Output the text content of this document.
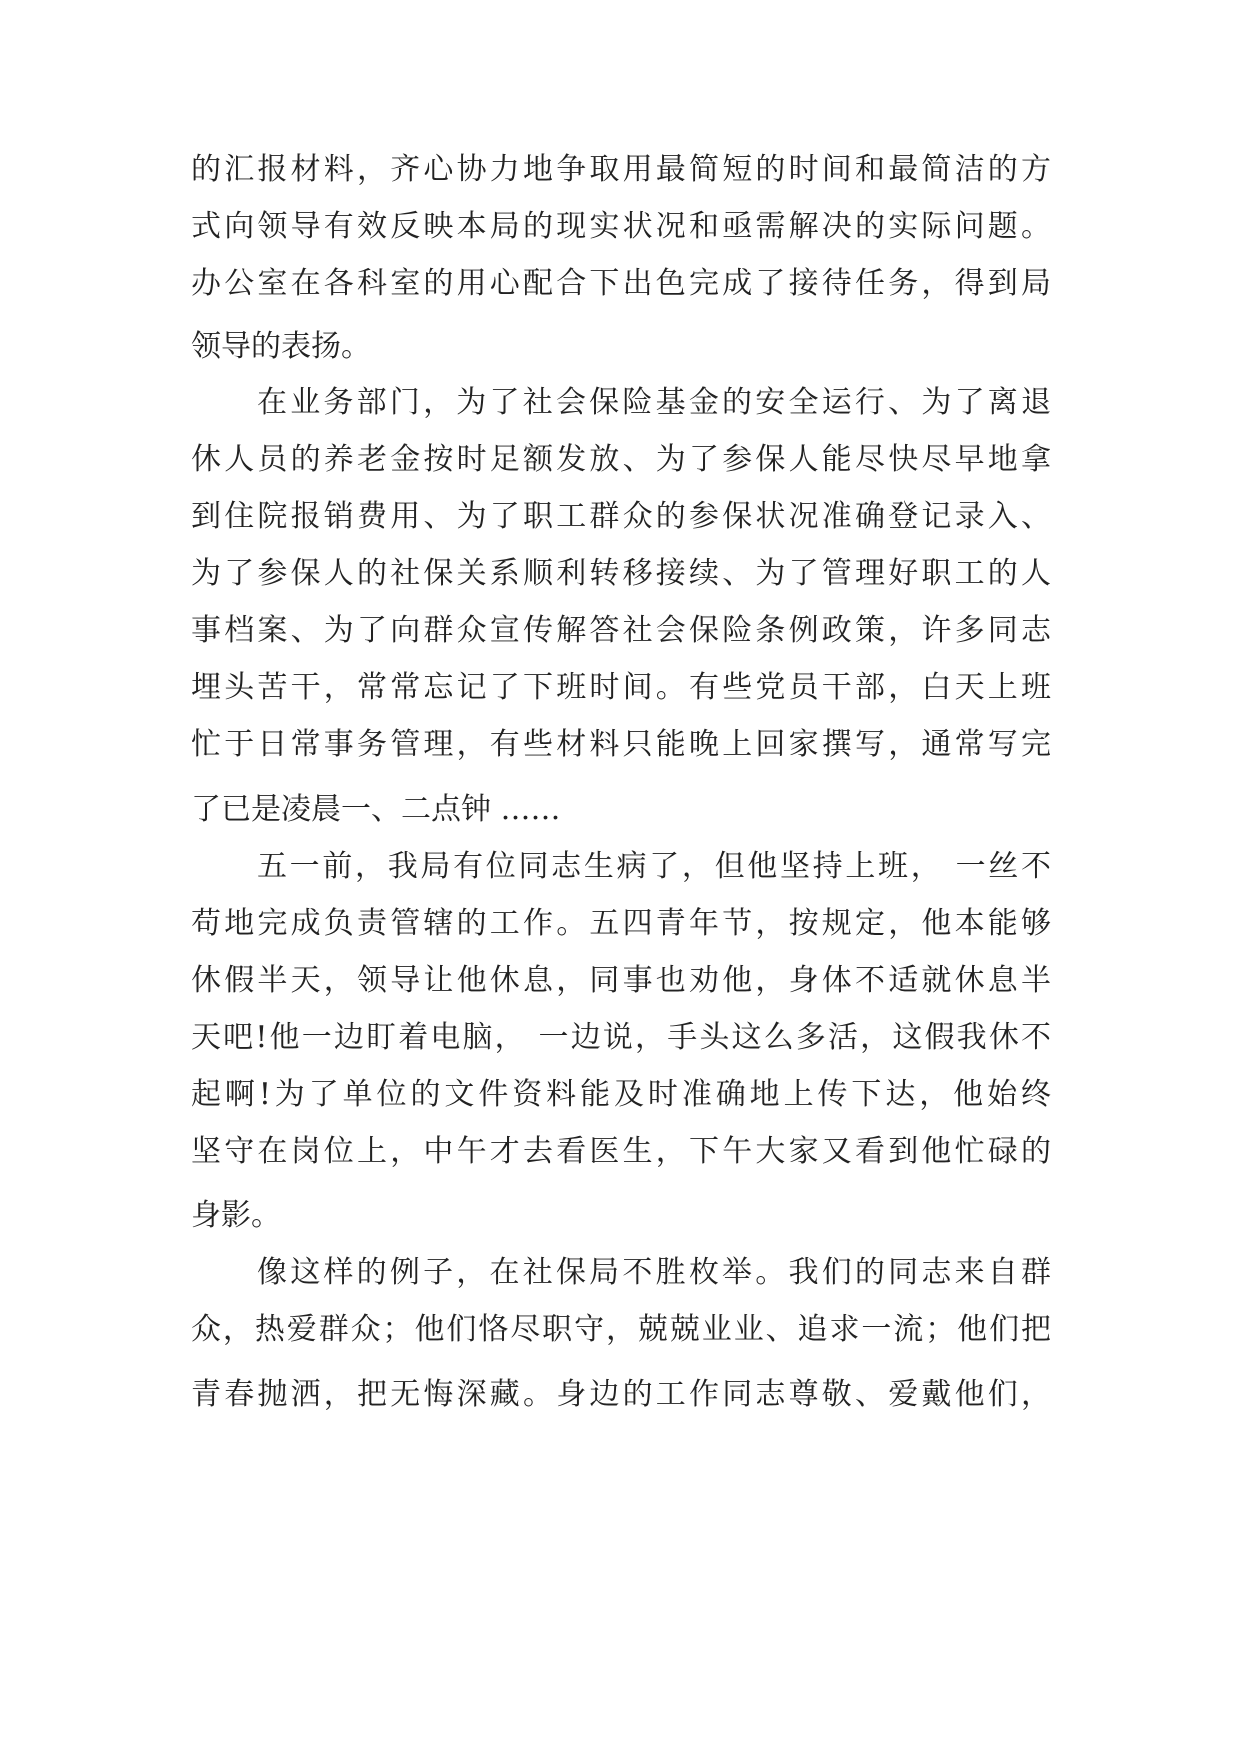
的汇报材料，齐心协力地争取用最简短的时间和最简洁的方
式向领导有效反映本局的现实状况和亟需解决的实际问题。
办公室在各科室的用心配合下出色完成了接待任务，得到局
领导的表扬。
在业务部门，为了社会保险基金的安全运行、为了离退
休人员的养老金按时足额发放、为了参保人能尽快尽早地拿
到住院报销费用、为了职工群众的参保状况准确登记录入、
为了参保人的社保关系顺利转移接续、为了管理好职工的人
事档案、为了向群众宣传解答社会保险条例政策，许多同志
埋头苦干，常常忘记了下班时间。有些党员干部，白天上班
忙于日常事务管理，有些材料只能晚上回家撰写，通常写完
了已是凌晨一、二点钟 ……
五一前，我局有位同志生病了，但他坚持上班， 一丝不
苟地完成负责管辖的工作。五四青年节，按规定，他本能够
休假半天，领导让他休息，同事也劝他，身体不适就休息半
天吧!他一边盯着电脑， 一边说，手头这么多活，这假我休不
起啊!为了单位的文件资料能及时准确地上传下达，他始终
坚守在岗位上，中午才去看医生，下午大家又看到他忙碌的
身影。
像这样的例子，在社保局不胜枚举。我们的同志来自群
众，热爱群众；他们恪尽职守，兢兢业业、追求一流；他们把
青春抛洒，把无悔深藏。身边的工作同志尊敬、爱戴他们，
